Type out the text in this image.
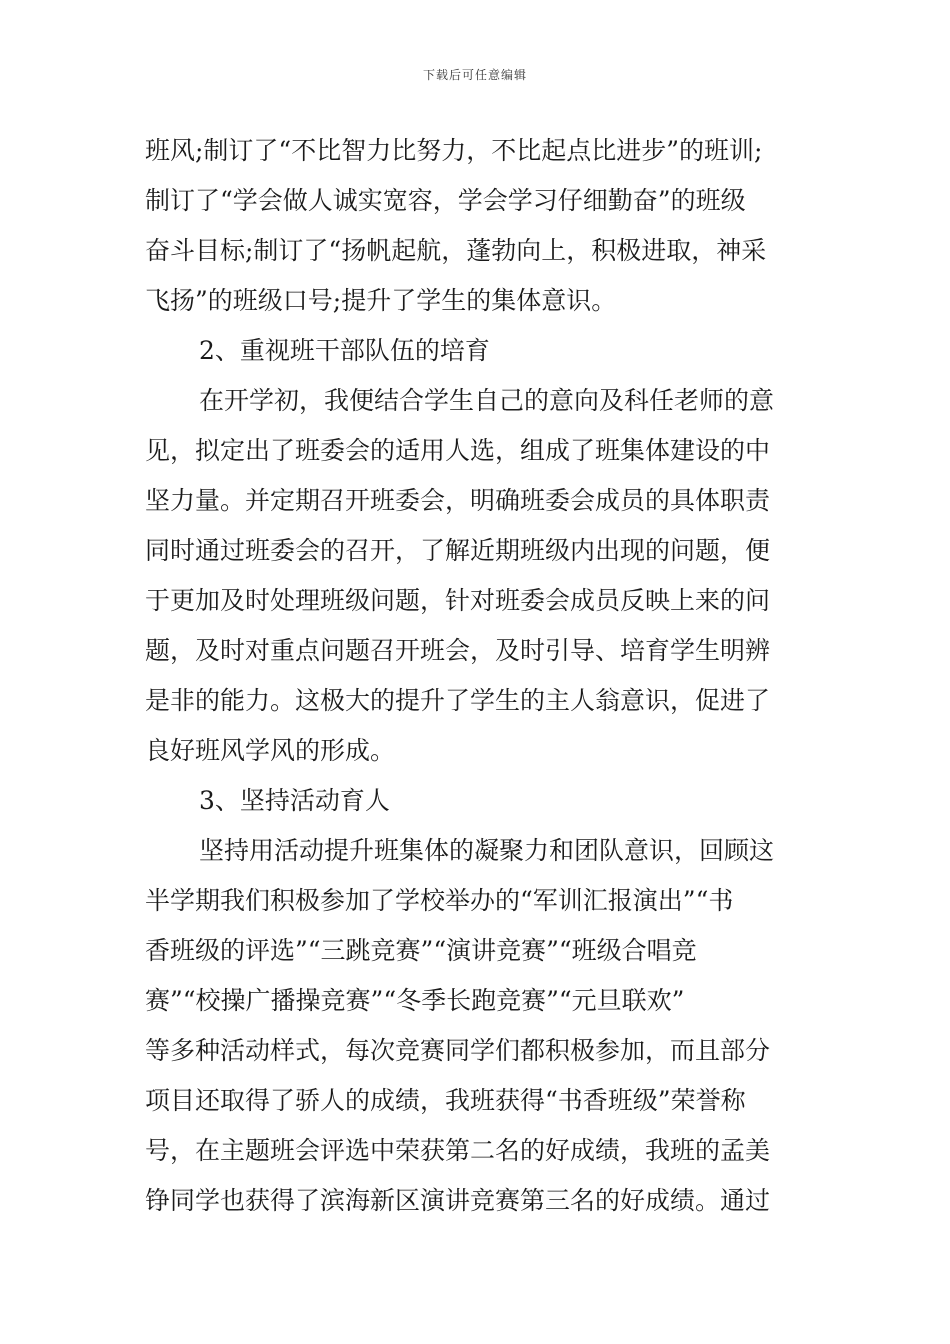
下载后可任意编辑
班风;制订了“不比智力比努力，不比起点比进步”的班训;
制订了“学会做人诚实宽容，学会学习仔细勤奋”的班级
奋斗目标;制订了“扬帆起航，蓬勃向上，积极进取，神采
飞扬”的班级口号;提升了学生的集体意识。
2、重视班干部队伍的培育
在开学初，我便结合学生自己的意向及科任老师的意
见，拟定出了班委会的适用人选，组成了班集体建设的中
坚力量。并定期召开班委会，明确班委会成员的具体职责
同时通过班委会的召开，了解近期班级内出现的问题，便
于更加及时处理班级问题，针对班委会成员反映上来的问
题，及时对重点问题召开班会，及时引导、培育学生明辨
是非的能力。这极大的提升了学生的主人翁意识，促进了
良好班风学风的形成。
3、坚持活动育人
坚持用活动提升班集体的凝聚力和团队意识，回顾这
半学期我们积极参加了学校举办的“军训汇报演出”“书
香班级的评选”“三跳竞赛”“演讲竞赛”“班级合唱竞
赛”“校操广播操竞赛”“冬季长跑竞赛”“元旦联欢”
等多种活动样式，每次竞赛同学们都积极参加，而且部分
项目还取得了骄人的成绩，我班获得“书香班级”荣誉称
号，在主题班会评选中荣获第二名的好成绩，我班的孟美
铮同学也获得了滨海新区演讲竞赛第三名的好成绩。通过
